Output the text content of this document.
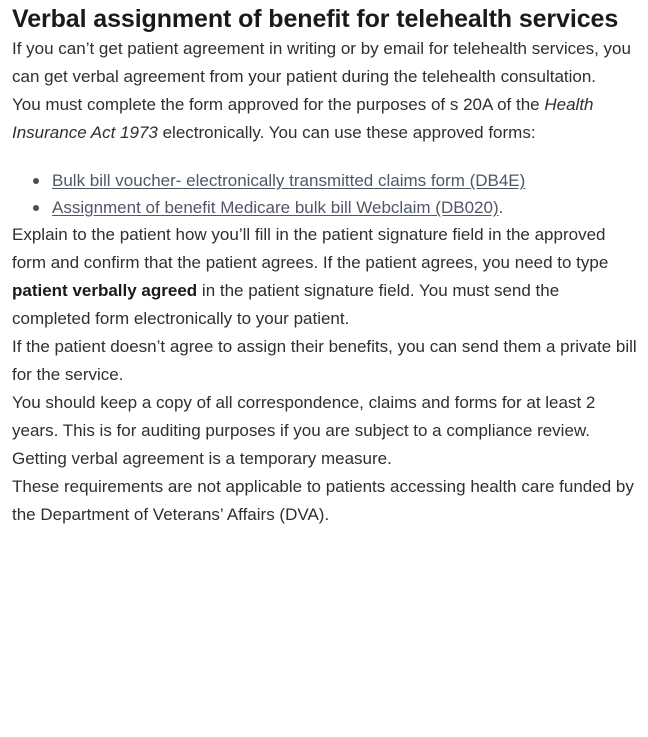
Verbal assignment of benefit for telehealth services

If you can’t get patient agreement in writing or by email for telehealth services, you can get verbal agreement from your patient during the telehealth consultation.

You must complete the form approved for the purposes of s 20A of the Health Insurance Act 1973 electronically. You can use these approved forms:

Bulk bill voucher- electronically transmitted claims form (DB4E)
Assignment of benefit Medicare bulk bill Webclaim (DB020).

Explain to the patient how you’ll fill in the patient signature field in the approved form and confirm that the patient agrees. If the patient agrees, you need to type patient verbally agreed in the patient signature field. You must send the completed form electronically to your patient.

If the patient doesn’t agree to assign their benefits, you can send them a private bill for the service.

You should keep a copy of all correspondence, claims and forms for at least 2 years. This is for auditing purposes if you are subject to a compliance review.

Getting verbal agreement is a temporary measure.

These requirements are not applicable to patients accessing health care funded by the Department of Veterans’ Affairs (DVA).
